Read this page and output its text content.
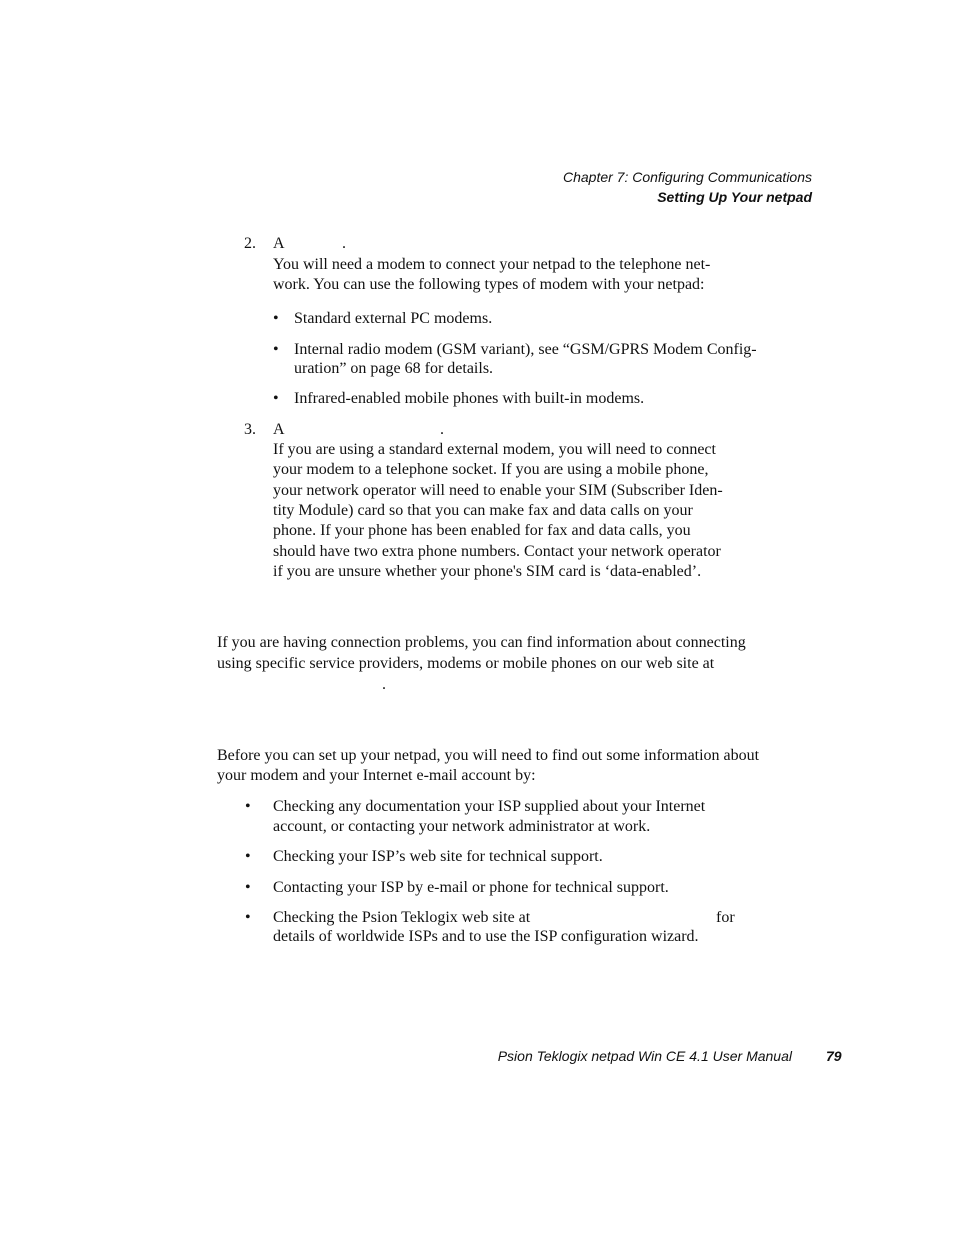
Chapter 7: Configuring Communications
Setting Up Your netpad
2.	A	.
You will need a modem to connect your netpad to the telephone net-
work. You can use the following types of modem with your netpad:
• Standard external PC modems.
• Internal radio modem (GSM variant), see “GSM/GPRS Modem Config-
uration” on page 68 for details.
• Infrared-enabled mobile phones with built-in modems.
3.	A	.
If you are using a standard external modem, you will need to connect
your modem to a telephone socket. If you are using a mobile phone,
your network operator will need to enable your SIM (Subscriber Iden-
tity Module) card so that you can make fax and data calls on your
phone. If your phone has been enabled for fax and data calls, you
should have two extra phone numbers. Contact your network operator
if you are unsure whether your phone's SIM card is ‘data-enabled’.
If you are having connection problems, you can find information about connecting
using specific service providers, modems or mobile phones on our web site at
.
Before you can set up your netpad, you will need to find out some information about
your modem and your Internet e-mail account by:
•	Checking any documentation your ISP supplied about your Internet
account, or contacting your network administrator at work.
•	Checking your ISP’s web site for technical support.
•	Contacting your ISP by e-mail or phone for technical support.
•	Checking the Psion Teklogix web site at	for
details of worldwide ISPs and to use the ISP configuration wizard.
Psion Teklogix netpad Win CE 4.1 User Manual 79
